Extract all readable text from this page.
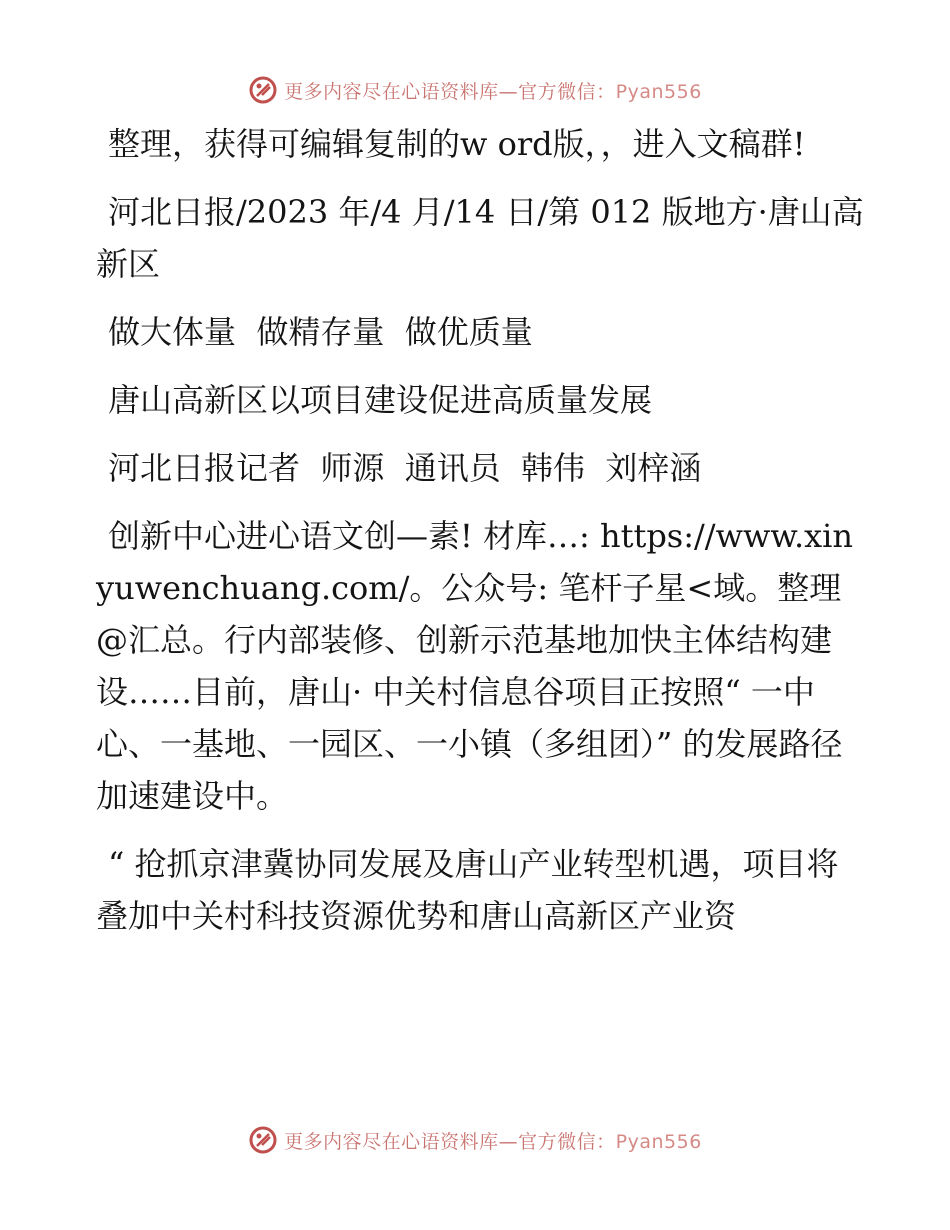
更多内容尽在心语资料库—官方微信：Pyan556

整理，获得可编辑复制的w ord版，，进入文稿群!

河北日报/2023 年/4 月/14 日/第 012 版地方·唐山高新区

做大体量  做精存量  做优质量

唐山高新区以项目建设促进高质量发展

河北日报记者  师源  通讯员  韩伟  刘梓涵

创新中心进心语文创—素! 材库…: https://www.xinyuwenchuang.com/。公众号: 笔杆子星<域。整理@汇总。行内部装修、创新示范基地加快主体结构建设……目前，唐山· 中关村信息谷项目正按照“ 一中心、一基地、一园区、一小镇（多组团）” 的发展路径加速建设中。

“ 抢抓京津冀协同发展及唐山产业转型机遇，项目将叠加中关村科技资源优势和唐山高新区产业资

更多内容尽在心语资料库—官方微信：Pyan556
